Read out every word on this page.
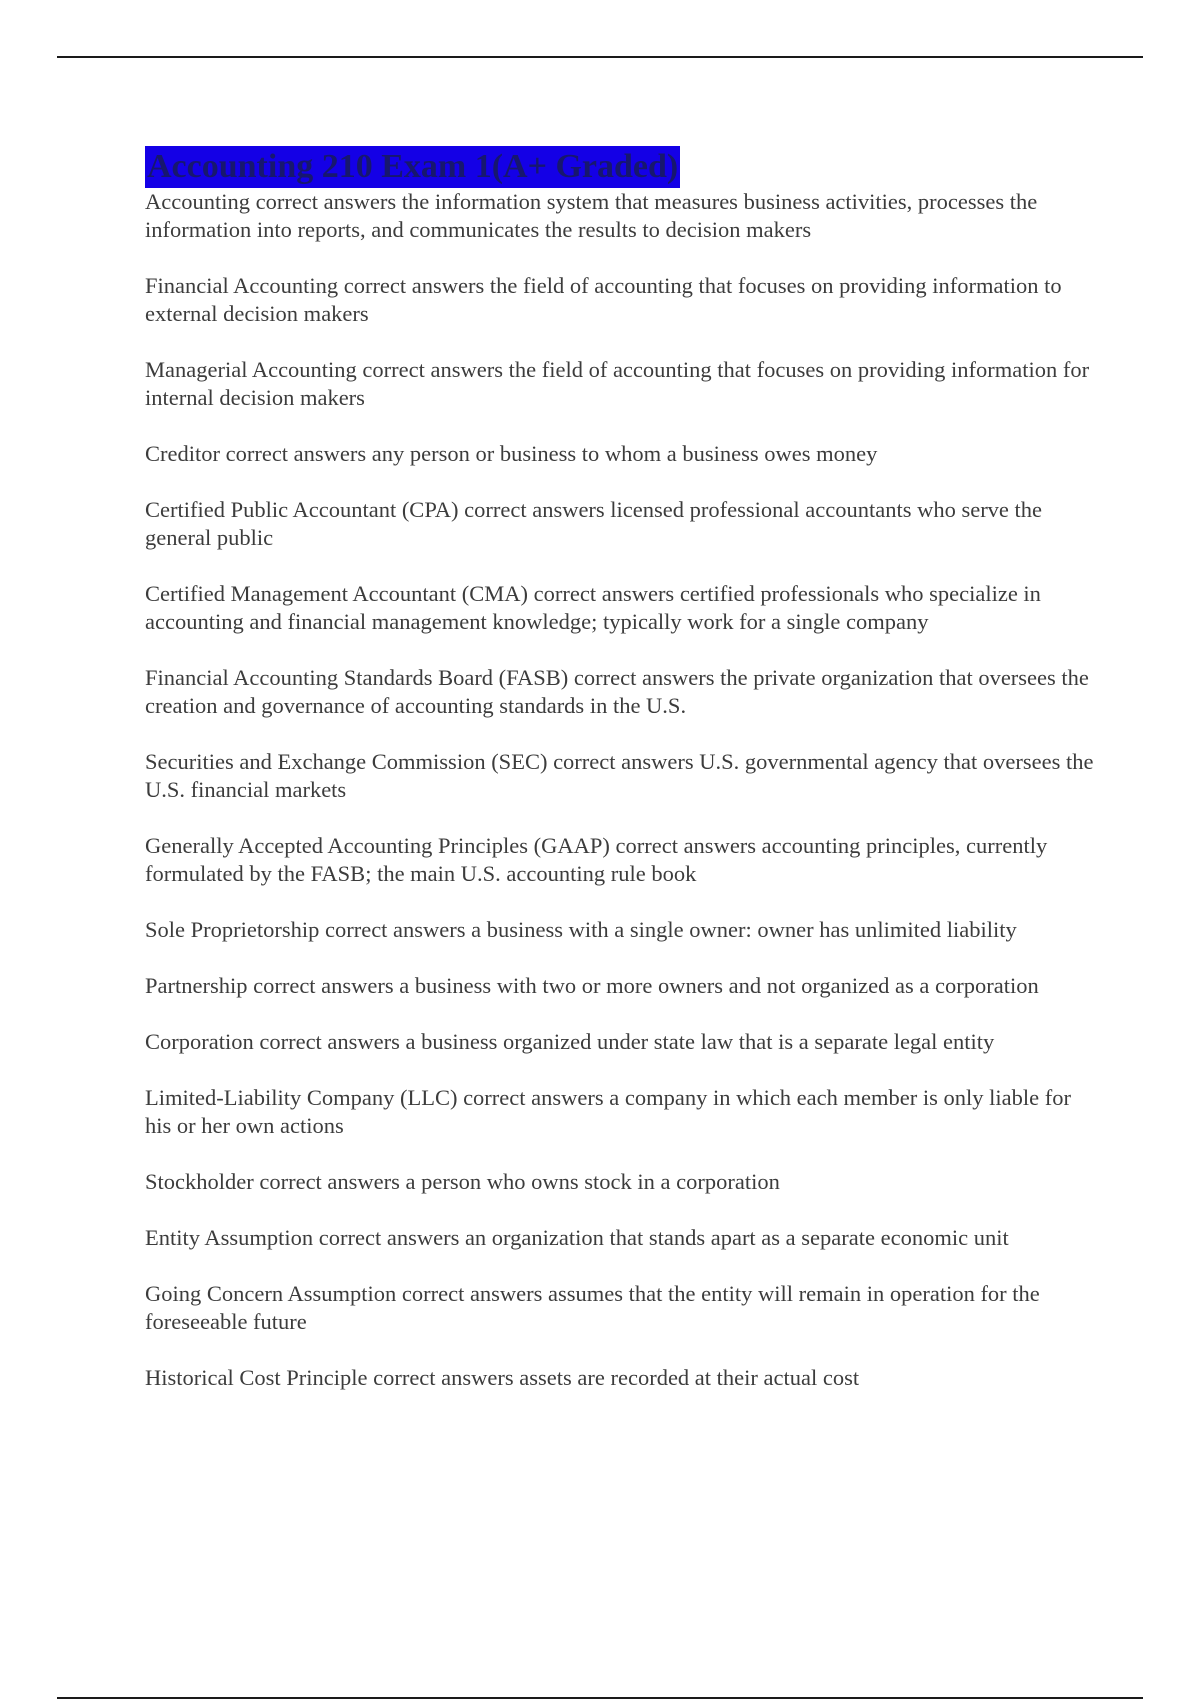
Accounting 210 Exam 1(A+ Graded)

Accounting correct answers the information system that measures business activities, processes the information into reports, and communicates the results to decision makers

Financial Accounting correct answers the field of accounting that focuses on providing information to external decision makers

Managerial Accounting correct answers the field of accounting that focuses on providing information for internal decision makers

Creditor correct answers any person or business to whom a business owes money

Certified Public Accountant (CPA) correct answers licensed professional accountants who serve the general public

Certified Management Accountant (CMA) correct answers certified professionals who specialize in accounting and financial management knowledge; typically work for a single company

Financial Accounting Standards Board (FASB) correct answers the private organization that oversees the creation and governance of accounting standards in the U.S.

Securities and Exchange Commission (SEC) correct answers U.S. governmental agency that oversees the U.S. financial markets

Generally Accepted Accounting Principles (GAAP) correct answers accounting principles, currently formulated by the FASB; the main U.S. accounting rule book

Sole Proprietorship correct answers a business with a single owner: owner has unlimited liability

Partnership correct answers a business with two or more owners and not organized as a corporation

Corporation correct answers a business organized under state law that is a separate legal entity

Limited-Liability Company (LLC) correct answers a company in which each member is only liable for his or her own actions

Stockholder correct answers a person who owns stock in a corporation

Entity Assumption correct answers an organization that stands apart as a separate economic unit

Going Concern Assumption correct answers assumes that the entity will remain in operation for the foreseeable future

Historical Cost Principle correct answers assets are recorded at their actual cost
